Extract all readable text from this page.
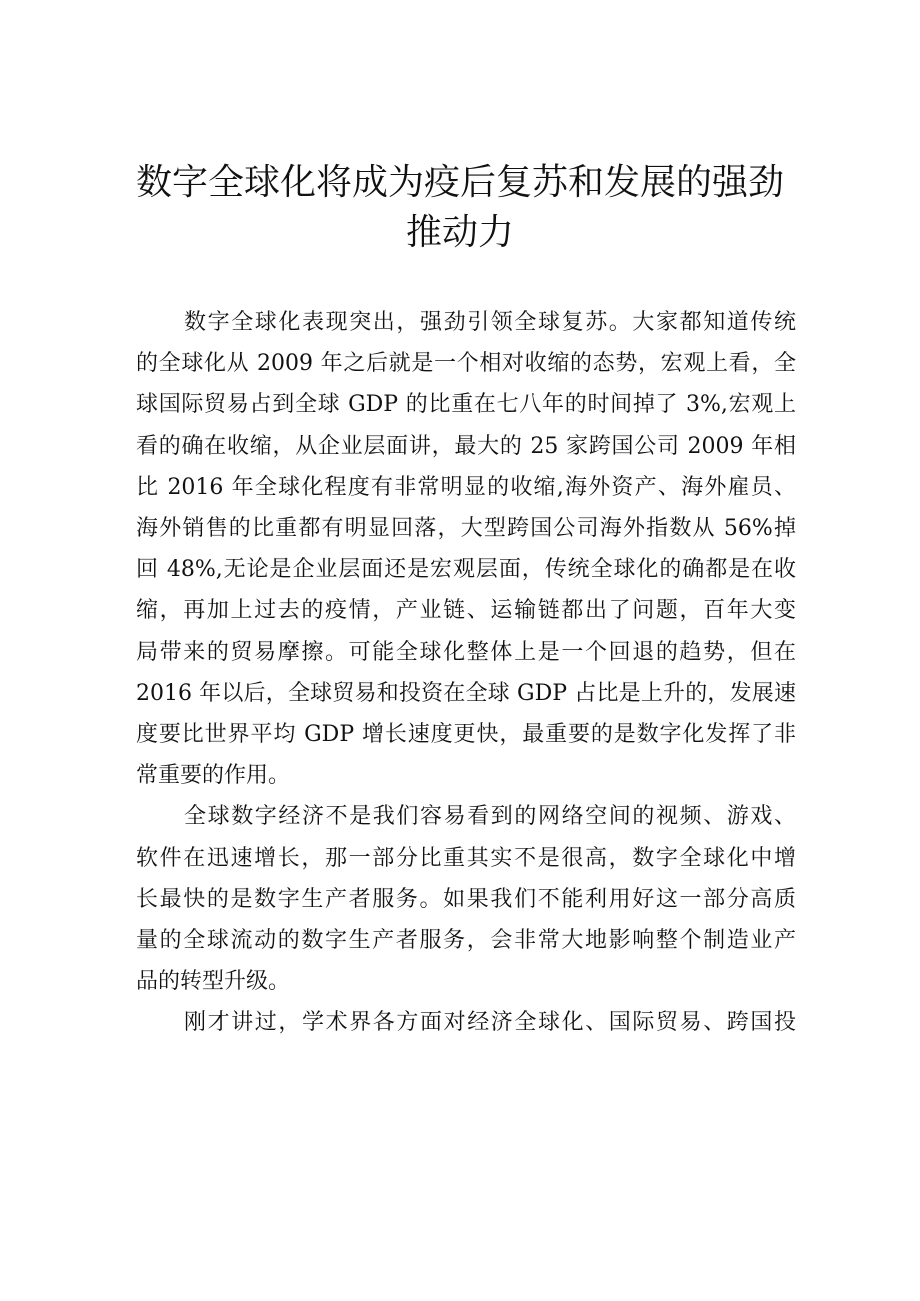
数字全球化将成为疫后复苏和发展的强劲
推动力

数字全球化表现突出，强劲引领全球复苏。大家都知道传统
的全球化从 2009 年之后就是一个相对收缩的态势，宏观上看，全
球国际贸易占到全球 GDP 的比重在七八年的时间掉了 3%,宏观上
看的确在收缩，从企业层面讲，最大的 25 家跨国公司 2009 年相
比 2016 年全球化程度有非常明显的收缩,海外资产、海外雇员、
海外销售的比重都有明显回落，大型跨国公司海外指数从 56%掉
回 48%,无论是企业层面还是宏观层面，传统全球化的确都是在收
缩，再加上过去的疫情，产业链、运输链都出了问题，百年大变
局带来的贸易摩擦。可能全球化整体上是一个回退的趋势，但在
2016 年以后，全球贸易和投资在全球 GDP 占比是上升的，发展速
度要比世界平均 GDP 增长速度更快，最重要的是数字化发挥了非
常重要的作用。

全球数字经济不是我们容易看到的网络空间的视频、游戏、
软件在迅速增长，那一部分比重其实不是很高，数字全球化中增
长最快的是数字生产者服务。如果我们不能利用好这一部分高质
量的全球流动的数字生产者服务，会非常大地影响整个制造业产
品的转型升级。

刚才讲过，学术界各方面对经济全球化、国际贸易、跨国投
